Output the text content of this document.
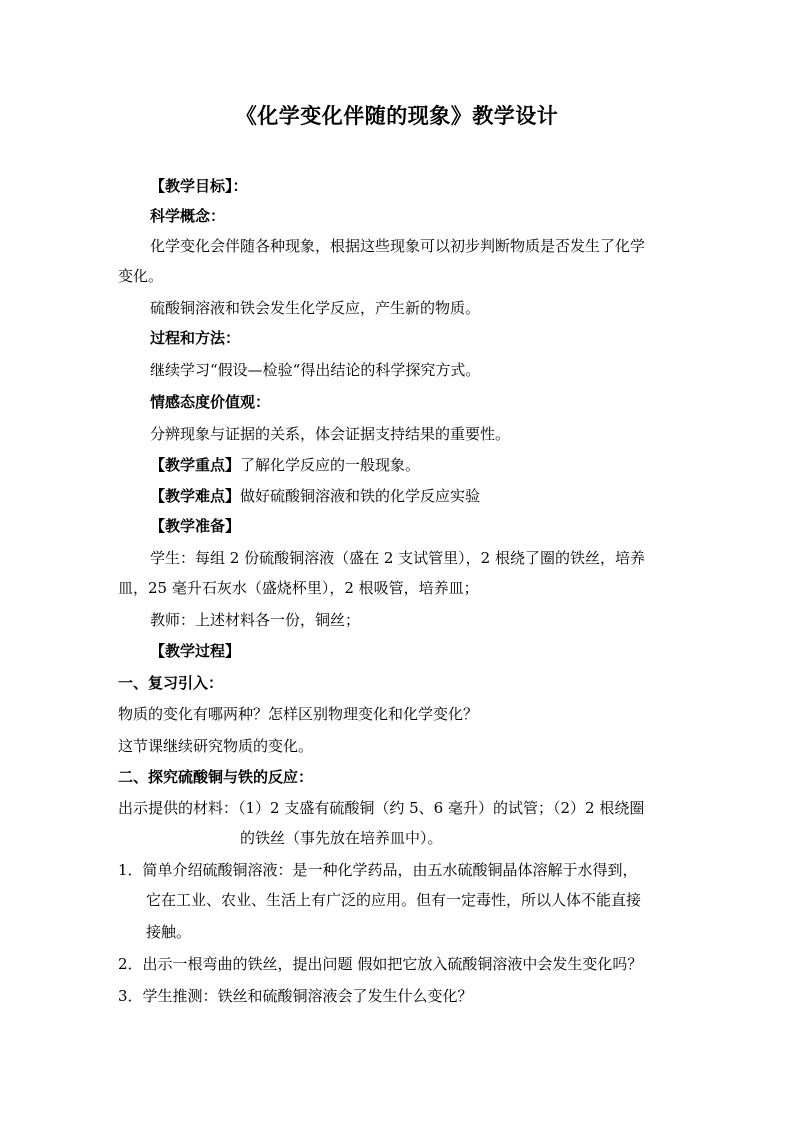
《化学变化伴随的现象》教学设计
【教学目标】：
科学概念：
化学变化会伴随各种现象，根据这些现象可以初步判断物质是否发生了化学
变化。
硫酸铜溶液和铁会发生化学反应，产生新的物质。
过程和方法：
继续学习“假设—检验“得出结论的科学探究方式。
情感态度价值观：
分辨现象与证据的关系，体会证据支持结果的重要性。
【教学重点】了解化学反应的一般现象。
【教学难点】做好硫酸铜溶液和铁的化学反应实验
【教学准备】
学生：每组 2 份硫酸铜溶液（盛在 2 支试管里），2 根绕了圈的铁丝，培养
皿，25 毫升石灰水（盛烧杯里），2 根吸管，培养皿；
教师：上述材料各一份，铜丝；
【教学过程】
一、复习引入：
物质的变化有哪两种？怎样区别物理变化和化学变化？
这节课继续研究物质的变化。
二、探究硫酸铜与铁的反应：
出示提供的材料：（1）2 支盛有硫酸铜（约 5、6 毫升）的试管；（2）2 根绕圈
的铁丝（事先放在培养皿中）。
1．简单介绍硫酸铜溶液：是一种化学药品，由五水硫酸铜晶体溶解于水得到，
它在工业、农业、生活上有广泛的应用。但有一定毒性，所以人体不能直接
接触。
2．出示一根弯曲的铁丝，提出问题 假如把它放入硫酸铜溶液中会发生变化吗？
3．学生推测：铁丝和硫酸铜溶液会了发生什么变化？
